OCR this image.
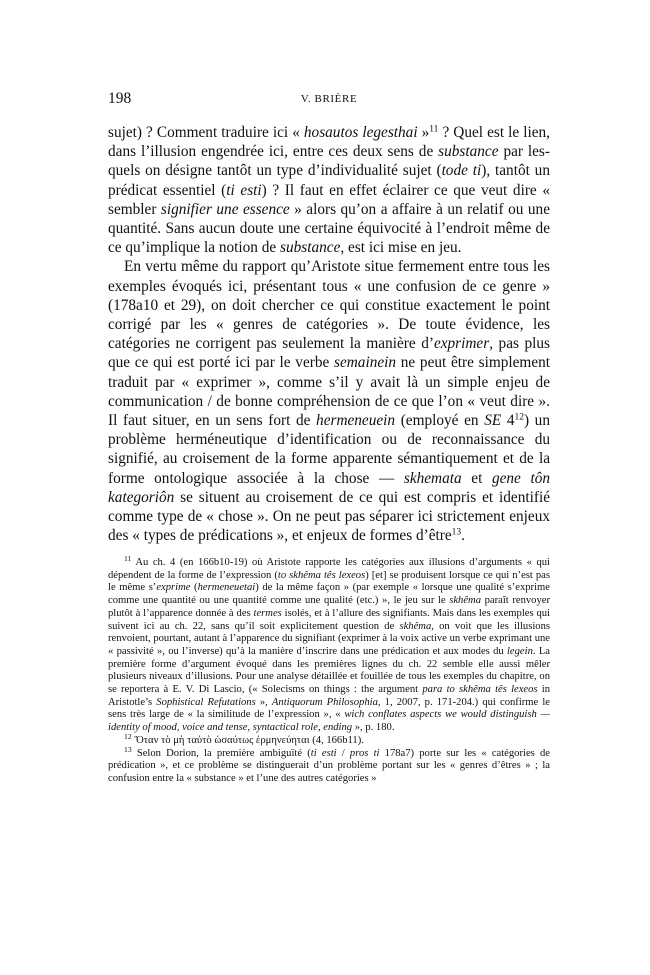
198	V. BRIÈRE

sujet) ? Comment traduire ici « hosautos legesthai »$^{11}$ ? Quel est le lien, dans l’illusion engendrée ici, entre ces deux sens de substance par lesquels on désigne tantôt un type d’individualité sujet (tode ti), tantôt un prédicat essentiel (ti esti) ? Il faut en effet éclairer ce que veut dire « sembler signifier une essence » alors qu’on a affaire à un relatif ou une quantité. Sans aucun doute une certaine équivocité à l’endroit même de ce qu’implique la notion de substance, est ici mise en jeu.

En vertu même du rapport qu’Aristote situe fermement entre tous les exemples évoqués ici, présentant tous « une confusion de ce genre » (178a10 et 29), on doit chercher ce qui constitue exactement le point corrigé par les « genres de catégories ». De toute évidence, les catégories ne corrigent pas seulement la manière d’exprimer, pas plus que ce qui est porté ici par le verbe semainein ne peut être simplement traduit par « exprimer », comme s’il y avait là un simple enjeu de communication / de bonne compréhension de ce que l’on « veut dire ». Il faut situer, en un sens fort de hermeneuein (employé en SE $4^{12}$) un problème herméneutique d’identification ou de reconnaissance du signifié, au croisement de la forme apparente sémantiquement et de la forme ontologique associée à la chose — skhemata et gene tôn kategoriôn se situent au croisement de ce qui est compris et identifié comme type de « chose ». On ne peut pas séparer ici strictement enjeux des « types de prédications », et enjeux de formes d’être$^{13}$.

$^{11}$ Au ch. 4 (en 166b10-19) où Aristote rapporte les catégories aux illusions d’arguments « qui dépendent de la forme de l’expression (to skhêma tês lexeos) [et] se produisent lorsque ce qui n’est pas le même s’exprime (hermeneuetai) de la même façon » (par exemple « lorsque une qualité s’exprime comme une quantité ou une quantité comme une qualité (etc.) », le jeu sur le skhêma paraît renvoyer plutôt à l’apparence donnée à des termes isolés, et à l’allure des signifiants. Mais dans les exemples qui suivent ici au ch. 22, sans qu’il soit explicitement question de skhêma, on voit que les illusions renvoient, pourtant, autant à l’apparence du signifiant (exprimer à la voix active un verbe exprimant une « passivité », ou l’inverse) qu’à la manière d’inscrire dans une prédication et aux modes du legein. La première forme d’argument évoqué dans les premières lignes du ch. 22 semble elle aussi mêler plusieurs niveaux d’illusions. Pour une analyse détaillée et fouillée de tous les exemples du chapitre, on se reportera à E. V. Di Lascio, (« Solecisms on things : the argument para to skhêma tês lexeos in Aristotle’s Sophistical Refutations », Antiquorum Philosophia, 1, 2007, p. 171-204.) qui confirme le sens très large de « la similitude de l’expression », « wich conflates aspects we would distinguish — identity of mood, voice and tense, syntactical role, ending », p. 180.

$^{12}$ Ὅταν τὸ μὴ ταὐτὸ ὡσαύτως ἑρμηνεύηται (4, 166b11).

$^{13}$ Selon Dorion, la première ambiguïté (ti esti / pros ti 178a7) porte sur les « catégories de prédication », et ce problème se distinguerait d’un problème portant sur les « genres d’êtres » ; la confusion entre la « substance » et l’une des autres catégories »
